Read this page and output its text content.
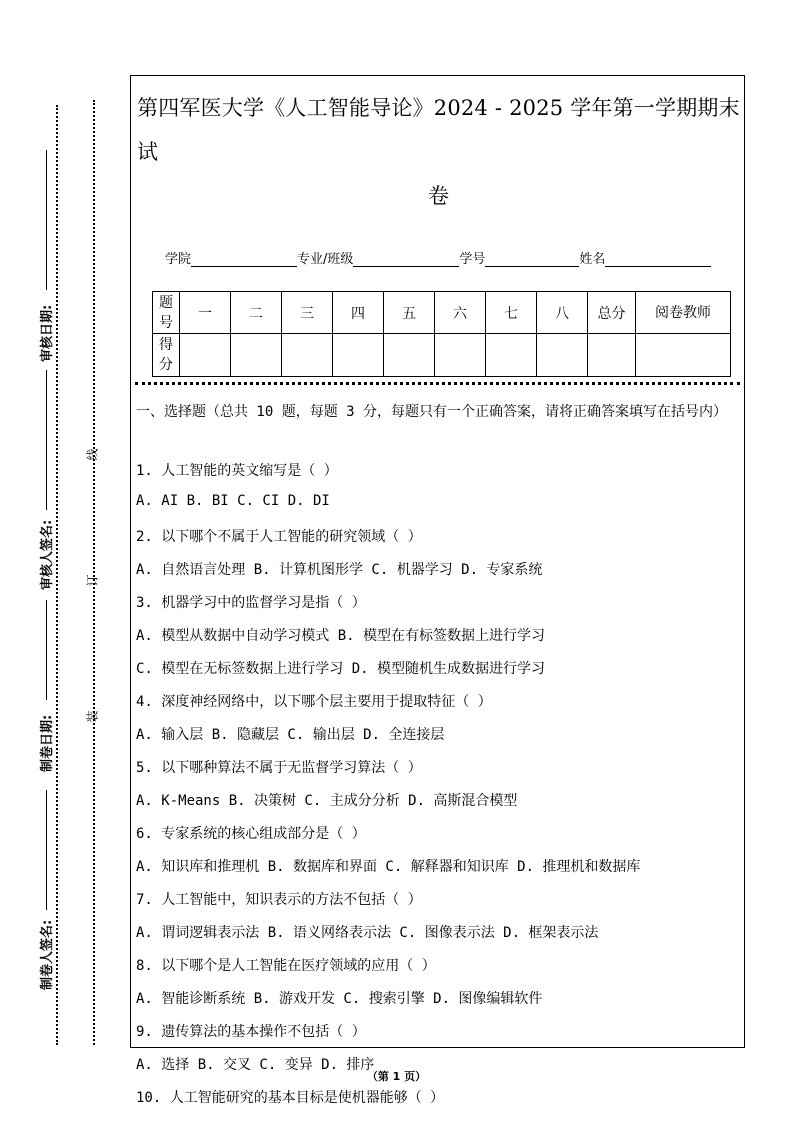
审核日期:
审核人签名:
制卷日期:
制卷人签名:
线
订
装
第四军医大学《人工智能导论》2024 - 2025 学年第一学期期末试
卷
学院	专业/班级	学号	姓名
题号	一	二	三	四	五	六	七	八	总分	阅卷教师
得分										
一、选择题（总共 10 题，每题 3 分，每题只有一个正确答案，请将正确答案填写在括号内）
1. 人工智能的英文缩写是（ ）
A. AI B. BI C. CI D. DI
2. 以下哪个不属于人工智能的研究领域（ ）
A. 自然语言处理 B. 计算机图形学 C. 机器学习 D. 专家系统
3. 机器学习中的监督学习是指（ ）
A. 模型从数据中自动学习模式 B. 模型在有标签数据上进行学习
C. 模型在无标签数据上进行学习 D. 模型随机生成数据进行学习
4. 深度神经网络中，以下哪个层主要用于提取特征（ ）
A. 输入层 B. 隐藏层 C. 输出层 D. 全连接层
5. 以下哪种算法不属于无监督学习算法（ ）
A. K-Means B. 决策树 C. 主成分分析 D. 高斯混合模型
6. 专家系统的核心组成部分是（ ）
A. 知识库和推理机 B. 数据库和界面 C. 解释器和知识库 D. 推理机和数据库
7. 人工智能中，知识表示的方法不包括（ ）
A. 谓词逻辑表示法 B. 语义网络表示法 C. 图像表示法 D. 框架表示法
8. 以下哪个是人工智能在医疗领域的应用（ ）
A. 智能诊断系统 B. 游戏开发 C. 搜索引擎 D. 图像编辑软件
9. 遗传算法的基本操作不包括（ ）
A. 选择 B. 交叉 C. 变异 D. 排序
10. 人工智能研究的基本目标是使机器能够（ ）
（第 1 页）
